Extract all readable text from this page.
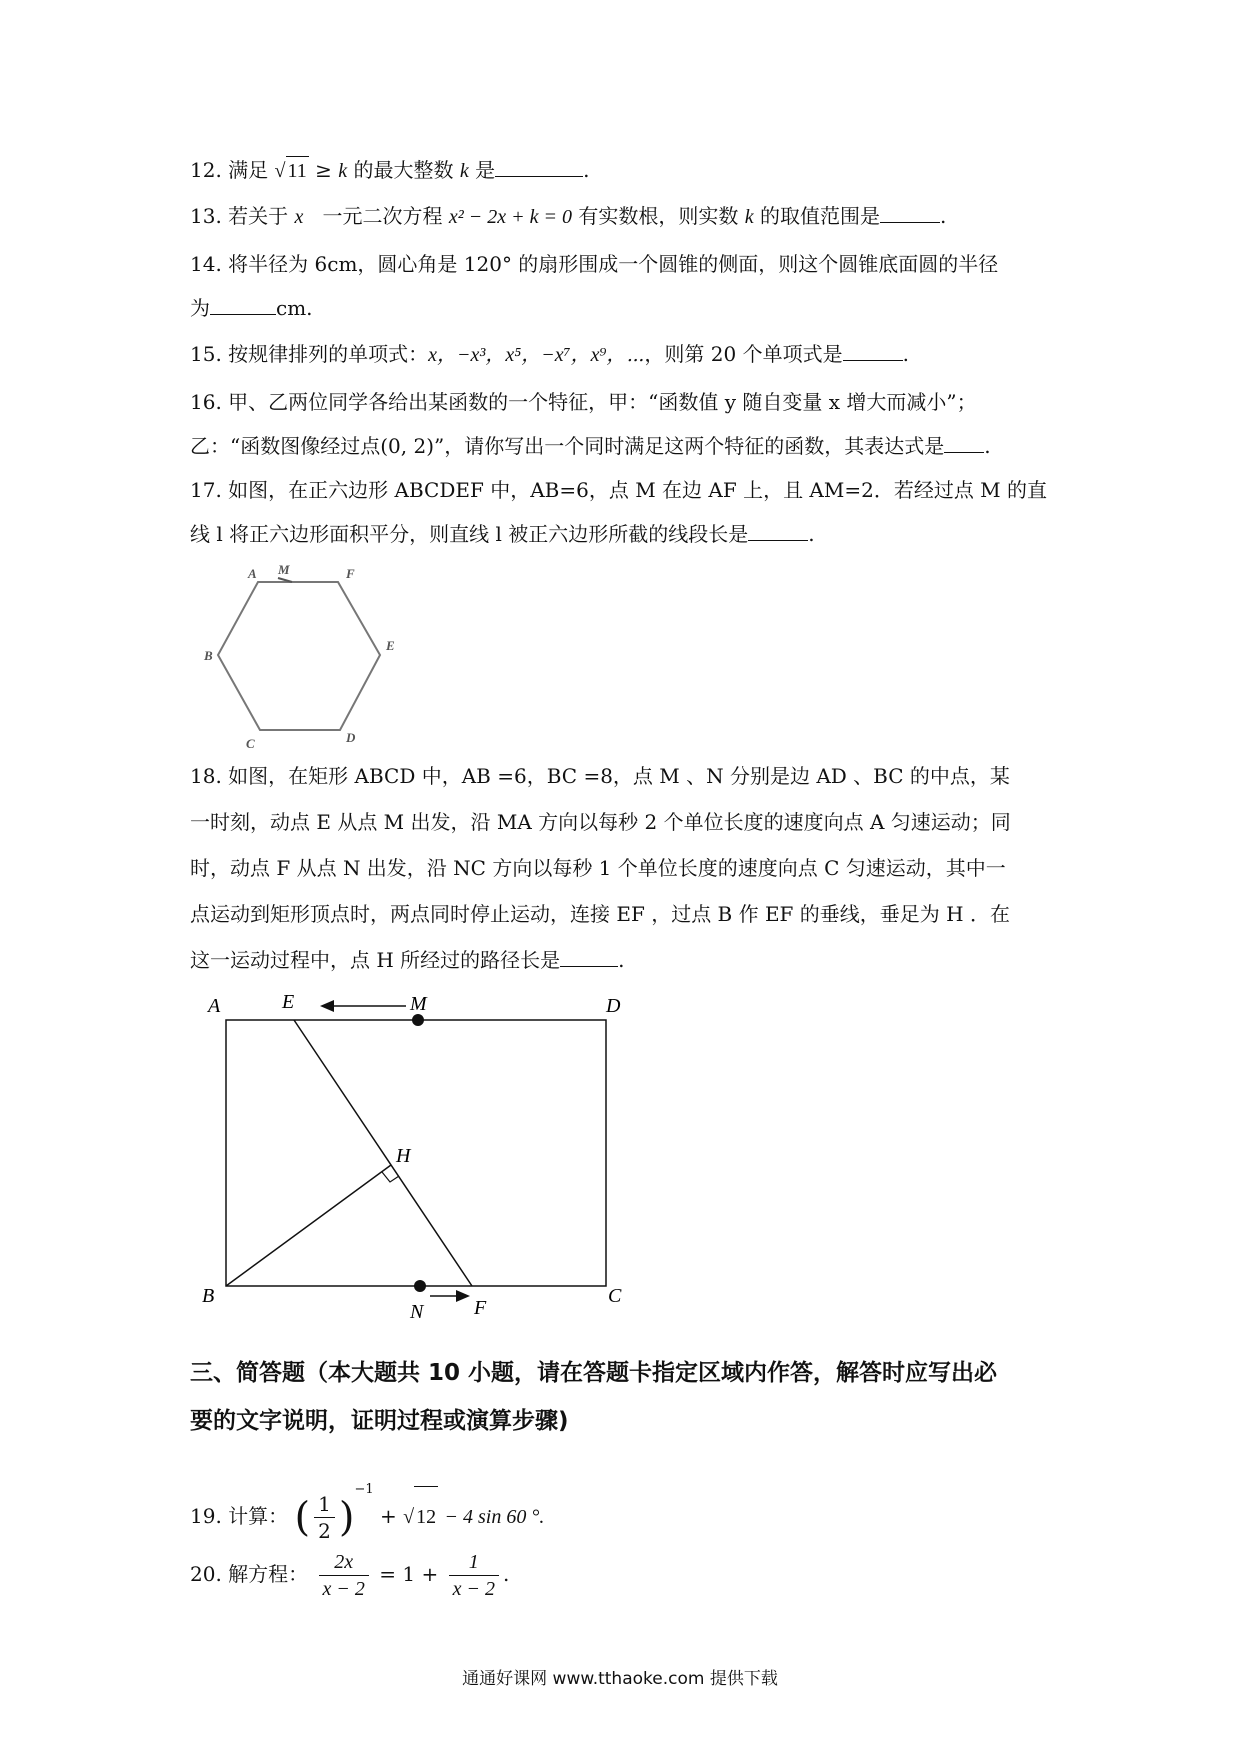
12. 满足 √ 11 ≥ k 的最大整数 k 是	.
13. 若关于 x 一元二次方程 x² − 2x + k = 0 有实数根，则实数 k 的取值范围是	.
14. 将半径为 6cm，圆心角是 120° 的扇形围成一个圆锥的侧面，则这个圆锥底面圆的半径
为	cm.
15. 按规律排列的单项式：x，−x³，x⁵，−x⁷，x⁹，⋯，则第 20 个单项式是	.
16. 甲、乙两位同学各给出某函数的一个特征，甲：“函数值 y 随自变量 x 增大而减小”；
乙：“函数图像经过点(0, 2)”，请你写出一个同时满足这两个特征的函数，其表达式是 .
17. 如图，在正六边形 ABCDEF 中，AB=6，点 M 在边 AF 上，且 AM=2．若经过点 M 的直
线 l 将正六边形面积平分，则直线 l 被正六边形所截的线段长是	.
A M	F
B
E
C	D
18. 如图，在矩形 ABCD 中，AB =6，BC =8，点 M 、N 分别是边 AD 、BC 的中点，某
一时刻，动点 E 从点 M 出发，沿 MA 方向以每秒 2 个单位长度的速度向点 A 匀速运动；同
时，动点 F 从点 N 出发，沿 NC 方向以每秒 1 个单位长度的速度向点 C 匀速运动，其中一
点运动到矩形顶点时，两点同时停止运动，连接 EF ，过点 B 作 EF 的垂线，垂足为 H ．在
这一运动过程中，点 H 所经过的路径长是	.
A	E	M	D
H
B
N	F
C
三、简答题（本大题共 10 小题，请在答题卡指定区域内作答，解答时应写出必
要的文字说明，证明过程或演算步骤)
19. 计算： ( $\frac{1}{2} )^{-1}$ + √ 12 − 4 sin 60 °.
20. 解方程： $\frac{2x}{x - 2} = 1 + \frac{1}{x - 2}$ .
通通好课网 www.tthaoke.com 提供下载
